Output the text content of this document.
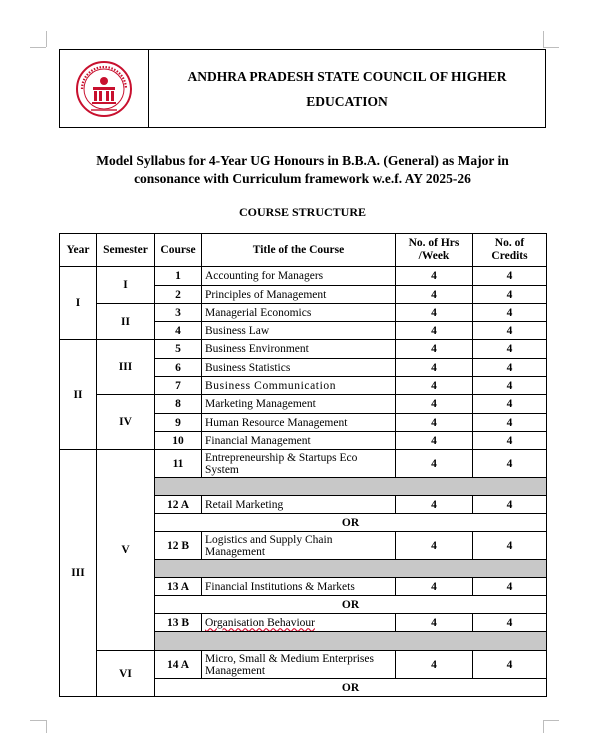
ANDHRA PRADESH STATE COUNCIL OF HIGHER
EDUCATION
Model Syllabus for 4-Year UG Honours in B.B.A. (General) as Major in
consonance with Curriculum framework w.e.f. AY 2025-26
COURSE STRUCTURE
Year	Semester	Course	Title of the Course	No. of Hrs /Week	No. of Credits
I	I	1	Accounting for Managers	4	4
		2	Principles of Management	4	4
	II	3	Managerial Economics	4	4
		4	Business Law	4	4
II	III	5	Business Environment	4	4
		6	Business Statistics	4	4
		7	Business Communication	4	4
	IV	8	Marketing Management	4	4
		9	Human Resource Management	4	4
		10	Financial Management	4	4
III	V	11	Entrepreneurship & Startups Eco System	4	4

		12 A	Retail Marketing	4	4
		OR			
		12 B	Logistics and Supply Chain Management	4	4

		13 A	Financial Institutions & Markets	4	4
		OR			
		13 B	Organisation Behaviour	4	4

	VI	14 A	Micro, Small & Medium Enterprises Management	4	4
		OR			
